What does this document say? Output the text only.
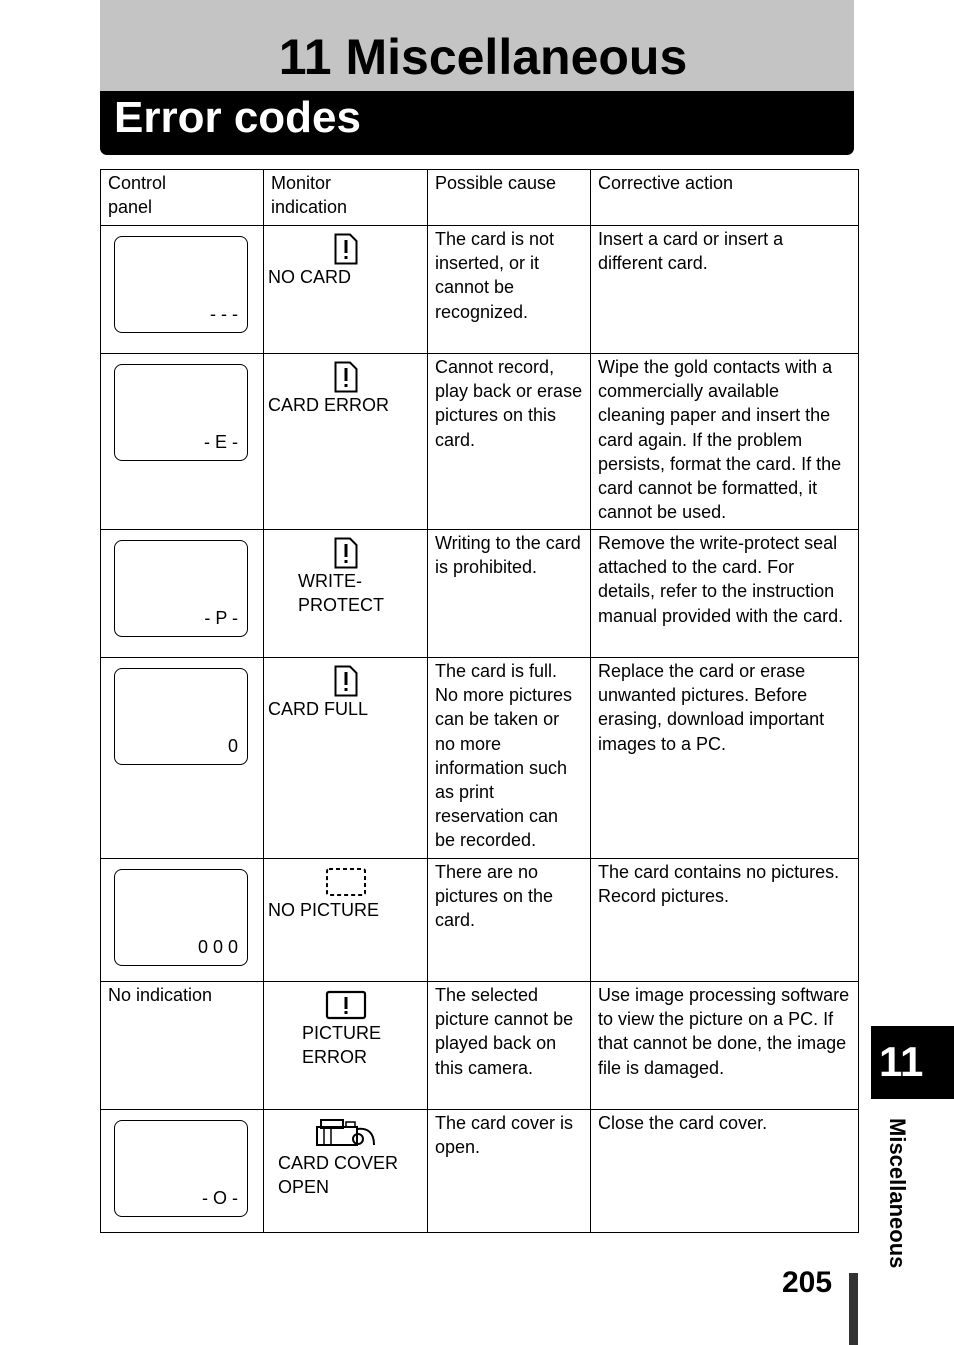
11 Miscellaneous
Error codes
Control
panel	Monitor
indication	Possible cause	Corrective action

- - -	NO CARD	The card is not inserted, or it cannot be recognized.	Insert a card or insert a different card.

- E -	CARD ERROR	Cannot record, play back or erase pictures on this card.	Wipe the gold contacts with a commercially available cleaning paper and insert the card again. If the problem persists, format the card. If the card cannot be formatted, it cannot be used.

- P -	WRITE-PROTECT	Writing to the card is prohibited.	Remove the write-protect seal attached to the card. For details, refer to the instruction manual provided with the card.

0	CARD FULL	The card is full. No more pictures can be taken or no more information such as print reservation can be recorded.	Replace the card or erase unwanted pictures. Before erasing, download important images to a PC.

0 0 0	NO PICTURE	There are no pictures on the card.	The card contains no pictures. Record pictures.

No indication	PICTURE ERROR	The selected picture cannot be played back on this camera.	Use image processing software to view the picture on a PC. If that cannot be done, the image file is damaged.

- O -	CARD COVER OPEN	The card cover is open.	Close the card cover.
11
Miscellaneous
205
